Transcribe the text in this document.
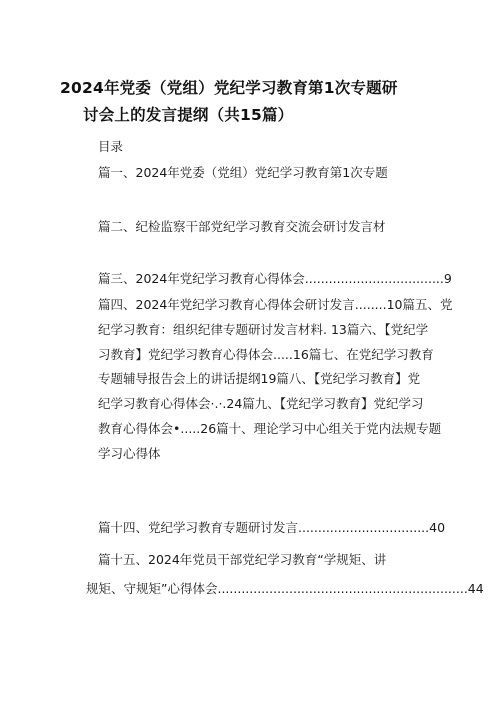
2024年党委（党组）党纪学习教育第1次专题研
讨会上的发言提纲（共15篇）
目录
篇一、2024年党委（党组）党纪学习教育第1次专题
篇二、纪检监察干部党纪学习教育交流会研讨发言材
篇三、2024年党纪学习教育心得体会...................................9
篇四、2024年党纪学习教育心得体会研讨发言........10篇五、党
纪学习教育：组织纪律专题研讨发言材料. 13篇六、【党纪学
习教育】党纪学习教育心得体会.....16篇七、在党纪学习教育
专题辅导报告会上的讲话提纲19篇八、【党纪学习教育】党
纪学习教育心得体会·.·.24篇九、【党纪学习教育】党纪学习
教育心得体会•.....26篇十、理论学习中心组关于党内法规专题
学习心得体
篇十四、党纪学习教育专题研讨发言.................................40
篇十五、2024年党员干部党纪学习教育“学规矩、讲
规矩、守规矩”心得体会...............................................................44
